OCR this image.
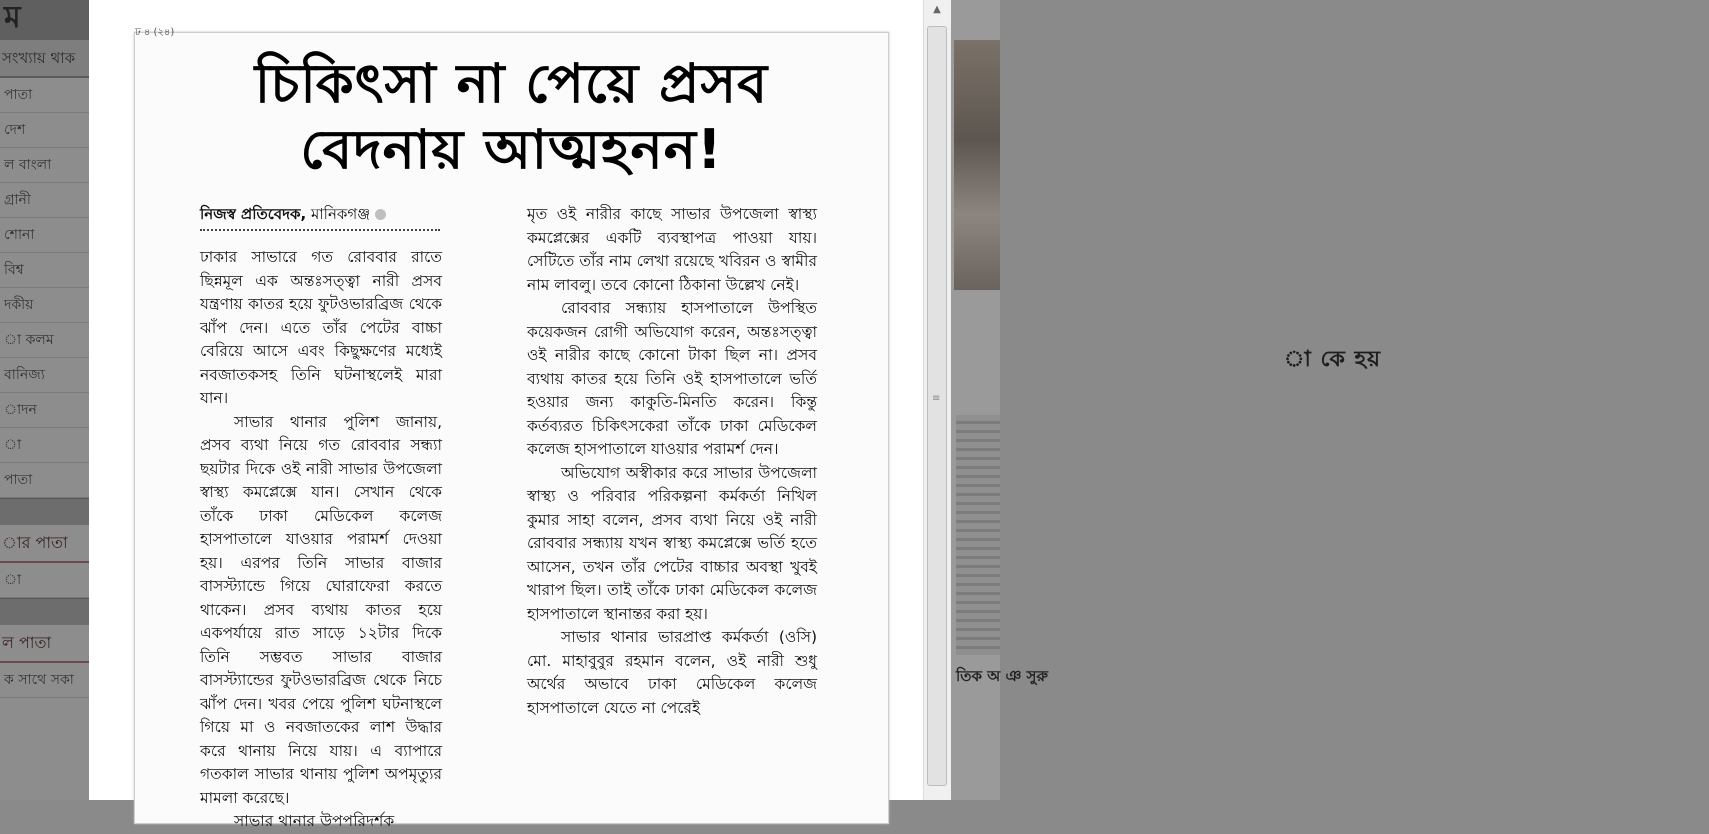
ম
সংখ্যায় থাক
পাতা
দেশ
ল বাংলা
গ্রানী
শোনা
বিশ্ব
দকীয়
া কলম
বানিজ্য
াদন
া
পাতা
ার পাতা
া
ল পাতা
ক সাথে সকা
া কে হয়
তিক অ ঞ সুরু
ঢ ৪ (২৪)
চিকিৎসা না পেয়ে প্রসব
বেদনায় আত্মহনন!
নিজস্ব প্রতিবেদক, মানিকগঞ্জ

ঢাকার সাভারে গত রোববার রাতে ছিন্নমূল এক অন্তঃসত্ত্বা নারী প্রসব যন্ত্রণায় কাতর হয়ে ফুটওভারব্রিজ থেকে ঝাঁপ দেন। এতে তাঁর পেটের বাচ্চা বেরিয়ে আসে এবং কিছুক্ষণের মধ্যেই নবজাতকসহ তিনি ঘটনাস্থলেই মারা যান।

সাভার থানার পুলিশ জানায়, প্রসব ব্যথা নিয়ে গত রোববার সন্ধ্যা ছয়টার দিকে ওই নারী সাভার উপজেলা স্বাস্থ্য কমপ্লেক্সে যান। সেখান থেকে তাঁকে ঢাকা মেডিকেল কলেজ হাসপাতালে যাওয়ার পরামর্শ দেওয়া হয়। এরপর তিনি সাভার বাজার বাসস্ট্যান্ডে গিয়ে ঘোরাফেরা করতে থাকেন। প্রসব ব্যথায় কাতর হয়ে একপর্যায়ে রাত সাড়ে ১২টার দিকে তিনি সম্ভবত সাভার বাজার বাসস্ট্যান্ডের ফুটওভারব্রিজ থেকে নিচে ঝাঁপ দেন। খবর পেয়ে পুলিশ ঘটনাস্থলে গিয়ে মা ও নবজাতকের লাশ উদ্ধার করে থানায় নিয়ে যায়। এ ব্যাপারে গতকাল সাভার থানায় পুলিশ অপমৃত্যুর মামলা করেছে।

সাভার থানার উপপরিদর্শক

মৃত ওই নারীর কাছে সাভার উপজেলা স্বাস্থ্য কমপ্লেক্সের একটি ব্যবস্থাপত্র পাওয়া যায়। সেটিতে তাঁর নাম লেখা রয়েছে খবিরন ও স্বামীর নাম লাবলু। তবে কোনো ঠিকানা উল্লেখ নেই।

রোববার সন্ধ্যায় হাসপাতালে উপস্থিত কয়েকজন রোগী অভিযোগ করেন, অন্তঃসত্ত্বা ওই নারীর কাছে কোনো টাকা ছিল না। প্রসব ব্যথায় কাতর হয়ে তিনি ওই হাসপাতালে ভর্তি হওয়ার জন্য কাকুতি-মিনতি করেন। কিন্তু কর্তব্যরত চিকিৎসকেরা তাঁকে ঢাকা মেডিকেল কলেজ হাসপাতালে যাওয়ার পরামর্শ দেন।

অভিযোগ অস্বীকার করে সাভার উপজেলা স্বাস্থ্য ও পরিবার পরিকল্পনা কর্মকর্তা নিখিল কুমার সাহা বলেন, প্রসব ব্যথা নিয়ে ওই নারী রোববার সন্ধ্যায় যখন স্বাস্থ্য কমপ্লেক্সে ভর্তি হতে আসেন, তখন তাঁর পেটের বাচ্চার অবস্থা খুবই খারাপ ছিল। তাই তাঁকে ঢাকা মেডিকেল কলেজ হাসপাতালে স্থানান্তর করা হয়।

সাভার থানার ভারপ্রাপ্ত কর্মকর্তা (ওসি) মো. মাহাবুবুর রহমান বলেন, ওই নারী শুধু অর্থের অভাবে ঢাকা মেডিকেল কলেজ হাসপাতালে যেতে না পেরেই

▲
≡
